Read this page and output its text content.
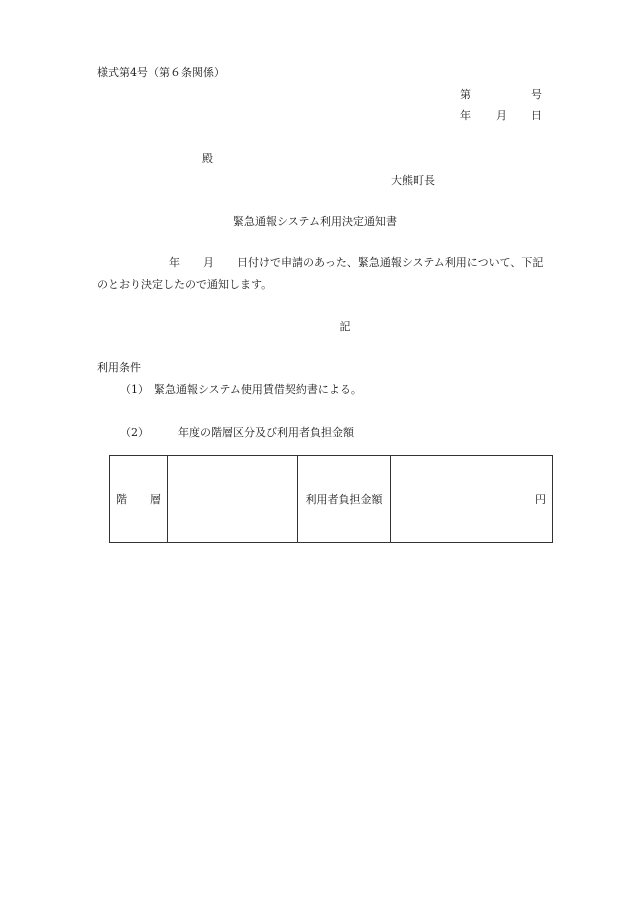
様式第4号（第６条関係）
第	号
年 月 日
殿
大熊町長
緊急通報システム利用決定通知書
年 月 日付けで申請のあった、緊急通報システム利用について、下記
のとおり決定したので通知します。
記
利用条件
（1） 緊急通報システム使用賃借契約書による。
（2）	年度の階層区分及び利用者負担金額
階 層		利用者負担金額	円
